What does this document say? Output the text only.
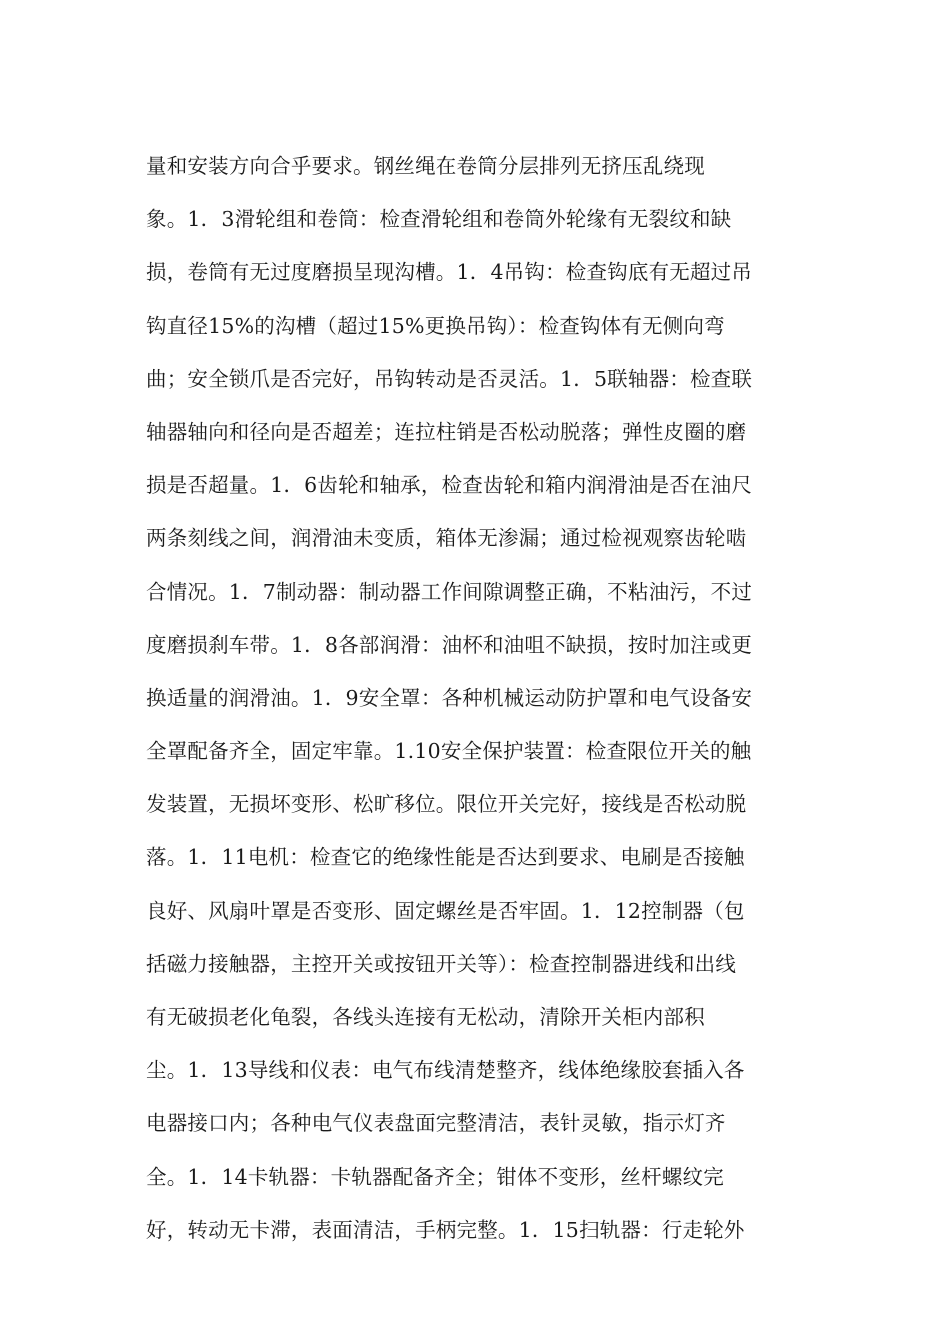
量和安装方向合乎要求。钢丝绳在卷筒分层排列无挤压乱绕现
象。1．3滑轮组和卷筒：检查滑轮组和卷筒外轮缘有无裂纹和缺
损，卷筒有无过度磨损呈现沟槽。1．4吊钩：检查钩底有无超过吊
钩直径15%的沟槽（超过15%更换吊钩）：检查钩体有无侧向弯
曲；安全锁爪是否完好，吊钩转动是否灵活。1．5联轴器：检查联
轴器轴向和径向是否超差；连拉柱销是否松动脱落；弹性皮圈的磨
损是否超量。1．6齿轮和轴承，检查齿轮和箱内润滑油是否在油尺
两条刻线之间，润滑油未变质，箱体无渗漏；通过检视观察齿轮啮
合情况。1．7制动器：制动器工作间隙调整正确，不粘油污，不过
度磨损刹车带。1．8各部润滑：油杯和油咀不缺损，按时加注或更
换适量的润滑油。1．9安全罩：各种机械运动防护罩和电气设备安
全罩配备齐全，固定牢靠。1.10安全保护装置：检查限位开关的触
发装置，无损坏变形、松旷移位。限位开关完好，接线是否松动脱
落。1．11电机：检查它的绝缘性能是否达到要求、电刷是否接触
良好、风扇叶罩是否变形、固定螺丝是否牢固。1．12控制器（包
括磁力接触器，主控开关或按钮开关等）：检查控制器进线和出线
有无破损老化龟裂，各线头连接有无松动，清除开关柜内部积
尘。1．13导线和仪表：电气布线清楚整齐，线体绝缘胶套插入各
电器接口内；各种电气仪表盘面完整清洁，表针灵敏，指示灯齐
全。1．14卡轨器：卡轨器配备齐全；钳体不变形，丝杆螺纹完
好，转动无卡滞，表面清洁，手柄完整。1．15扫轨器：行走轮外
